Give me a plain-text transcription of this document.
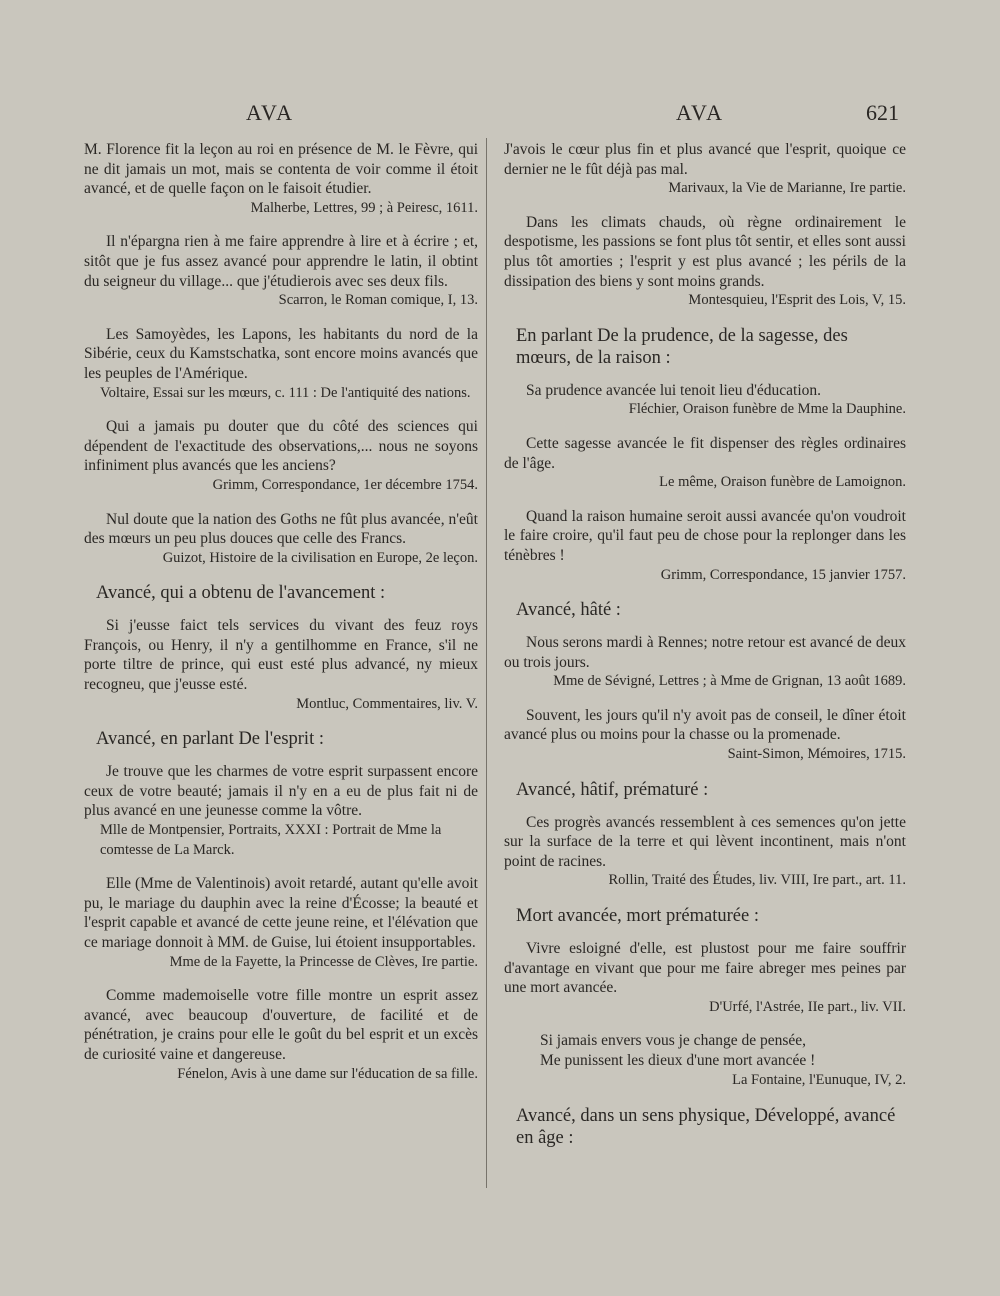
AVA	AVA	621

M. Florence fit la leçon au roi en présence de M. le Fèvre, qui ne dit jamais un mot, mais se contenta de voir comme il étoit avancé, et de quelle façon on le faisoit étudier.

Malherbe, Lettres, 99 ; à Peiresc, 1611.

Il n'épargna rien à me faire apprendre à lire et à écrire ; et, sitôt que je fus assez avancé pour apprendre le latin, il obtint du seigneur du village... que j'étudierois avec ses deux fils.

Scarron, le Roman comique, I, 13.

Les Samoyèdes, les Lapons, les habitants du nord de la Sibérie, ceux du Kamstschatka, sont encore moins avancés que les peuples de l'Amérique.

Voltaire, Essai sur les mœurs, c. 111 : De l'antiquité des nations.

Qui a jamais pu douter que du côté des sciences qui dépendent de l'exactitude des observations,... nous ne soyons infiniment plus avancés que les anciens?

Grimm, Correspondance, 1er décembre 1754.

Nul doute que la nation des Goths ne fût plus avancée, n'eût des mœurs un peu plus douces que celle des Francs.

Guizot, Histoire de la civilisation en Europe, 2e leçon.

Avancé, qui a obtenu de l'avancement :

Si j'eusse faict tels services du vivant des feuz roys François, ou Henry, il n'y a gentilhomme en France, s'il ne porte tiltre de prince, qui eust esté plus advancé, ny mieux recogneu, que j'eusse esté.

Montluc, Commentaires, liv. V.

Avancé, en parlant De l'esprit :

Je trouve que les charmes de votre esprit surpassent encore ceux de votre beauté; jamais il n'y en a eu de plus fait ni de plus avancé en une jeunesse comme la vôtre.

Mlle de Montpensier, Portraits, XXXI : Portrait de Mme la comtesse de La Marck.

Elle (Mme de Valentinois) avoit retardé, autant qu'elle avoit pu, le mariage du dauphin avec la reine d'Écosse; la beauté et l'esprit capable et avancé de cette jeune reine, et l'élévation que ce mariage donnoit à MM. de Guise, lui étoient insupportables.

Mme de la Fayette, la Princesse de Clèves, Ire partie.

Comme mademoiselle votre fille montre un esprit assez avancé, avec beaucoup d'ouverture, de facilité et de pénétration, je crains pour elle le goût du bel esprit et un excès de curiosité vaine et dangereuse.

Fénelon, Avis à une dame sur l'éducation de sa fille.

J'avois le cœur plus fin et plus avancé que l'esprit, quoique ce dernier ne le fût déjà pas mal.

Marivaux, la Vie de Marianne, Ire partie.

Dans les climats chauds, où règne ordinairement le despotisme, les passions se font plus tôt sentir, et elles sont aussi plus tôt amorties ; l'esprit y est plus avancé ; les périls de la dissipation des biens y sont moins grands.

Montesquieu, l'Esprit des Lois, V, 15.

En parlant De la prudence, de la sagesse, des mœurs, de la raison :

Sa prudence avancée lui tenoit lieu d'éducation.

Fléchier, Oraison funèbre de Mme la Dauphine.

Cette sagesse avancée le fit dispenser des règles ordinaires de l'âge.

Le même, Oraison funèbre de Lamoignon.

Quand la raison humaine seroit aussi avancée qu'on voudroit le faire croire, qu'il faut peu de chose pour la replonger dans les ténèbres !

Grimm, Correspondance, 15 janvier 1757.

Avancé, hâté :

Nous serons mardi à Rennes; notre retour est avancé de deux ou trois jours.

Mme de Sévigné, Lettres ; à Mme de Grignan, 13 août 1689.

Souvent, les jours qu'il n'y avoit pas de conseil, le dîner étoit avancé plus ou moins pour la chasse ou la promenade.

Saint-Simon, Mémoires, 1715.

Avancé, hâtif, prématuré :

Ces progrès avancés ressemblent à ces semences qu'on jette sur la surface de la terre et qui lèvent incontinent, mais n'ont point de racines.

Rollin, Traité des Études, liv. VIII, Ire part., art. 11.

Mort avancée, mort prématurée :

Vivre esloigné d'elle, est plustost pour me faire souffrir d'avantage en vivant que pour me faire abreger mes peines par une mort avancée.

D'Urfé, l'Astrée, IIe part., liv. VII.

Si jamais envers vous je change de pensée,

Me punissent les dieux d'une mort avancée !

La Fontaine, l'Eunuque, IV, 2.

Avancé, dans un sens physique, Développé, avancé en âge :
